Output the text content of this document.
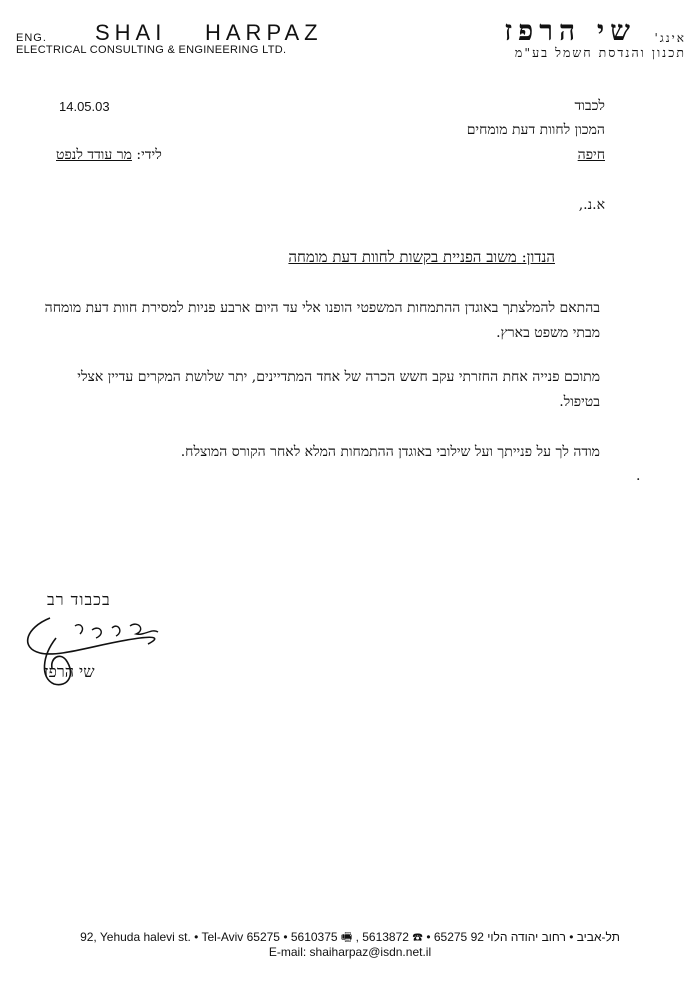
ENG. SHAI HARPAZ
ELECTRICAL CONSULTING & ENGINEERING LTD.
אינג'
שי הרפז
תכנון והנדסת חשמל בע"מ
14.05.03	לכבוד
המכון לחוות דעת מומחים
חיפה
לידי: מר עודד לנפט
א.נ.,
הנדון: משוב הפניית בקשות לחוות דעת מומחה
בהתאם להמלצתך באוגדן ההתמחות המשפטי הופנו אלי עד היום ארבע פניות למסירת חוות דעת מומחה מבתי משפט בארץ.
מתוכם פנייה אחת החזרתי עקב חשש הכרה של אחד המתדיינים, יתר שלושת המקרים עדיין אצלי בטיפול.
מודה לך על פנייתך ועל שילובי באוגדן ההתמחות המלא לאחר הקורס המוצלח.
.
בכבוד רב
שי הרפז
92, Yehuda halevi st. • Tel-Aviv 65275 • 5610375 🖷 , 5613872 ☎ • 65275 תל-אביב • רחוב יהודה הלוי 92
E-mail: shaiharpaz@isdn.net.il
